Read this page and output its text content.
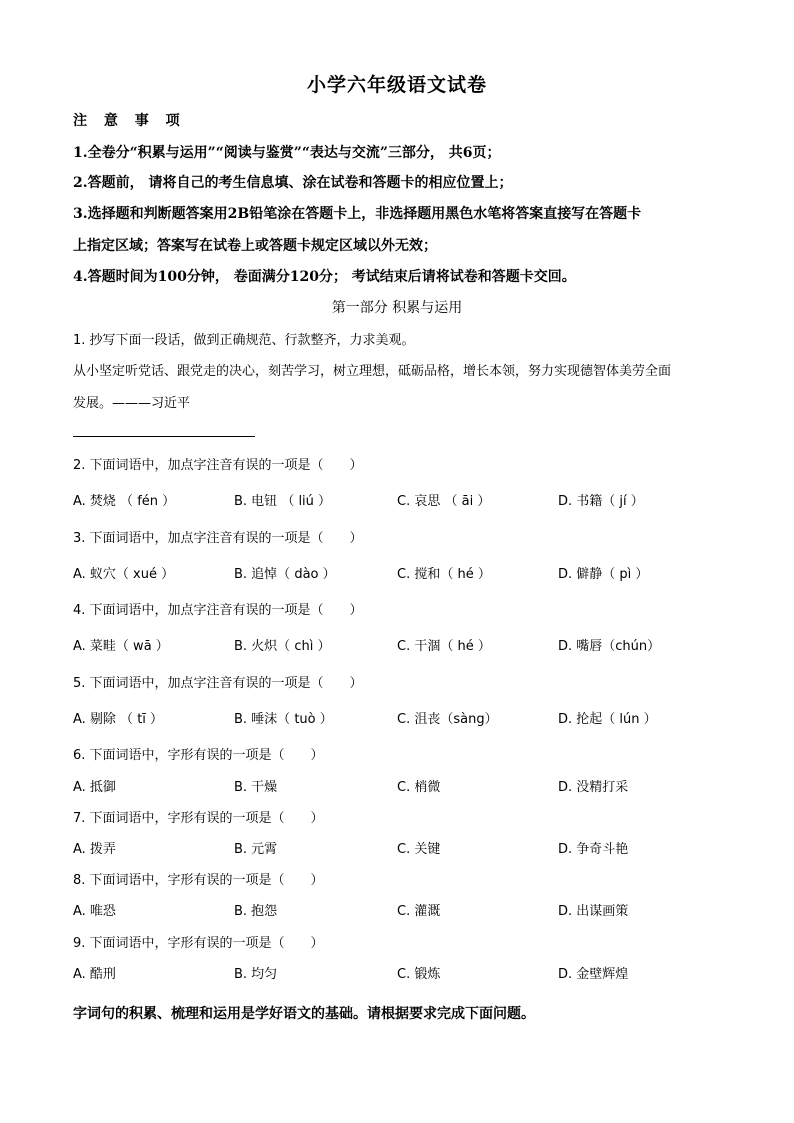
小学六年级语文试卷
注 意 事 项
1.全卷分“积累与运用”“阅读与鉴赏”“表达与交流”三部分， 共6页；
2.答题前， 请将自己的考生信息填、涂在试卷和答题卡的相应位置上；
3.选择题和判断题答案用2B铅笔涂在答题卡上，非选择题用黑色水笔将答案直接写在答题卡
上指定区域；答案写在试卷上或答题卡规定区域以外无效；
4.答题时间为100分钟， 卷面满分120分； 考试结束后请将试卷和答题卡交回。
第一部分 积累与运用
1. 抄写下面一段话，做到正确规范、行款整齐，力求美观。
从小坚定听党话、跟党走的决心，刻苦学习，树立理想，砥砺品格，增长本领，努力实现德智体美劳全面
发展。———习近平
2. 下面词语中，加点字注音有误的一项是（　　）
A. 焚烧 （ fén ）	B. 电钮 （ liú ）	C. 哀思 （ āi ）	D. 书籍（ jí ）
3. 下面词语中，加点字注音有误的一项是（　　）
A. 蚁穴（ xué ）	B. 追悼（ dào ）	C. 搅和（ hé ）	D. 僻静（ pì ）
4. 下面词语中，加点字注音有误的一项是（　　）
A. 菜畦（ wā ）	B. 火炽（ chì ）	C. 干涸（ hé ）	D. 嘴唇（chún）
5. 下面词语中，加点字注音有误的一项是（　　）
A. 剔除 （ tī ）	B. 唾沫（ tuò ）	C. 沮丧（sàng）	D. 抡起（ lún ）
6. 下面词语中，字形有误的一项是（　　）
A. 抵御	B. 干燥	C. 梢微	D. 没精打采
7. 下面词语中，字形有误的一项是（　　）
A. 拨弄	B. 元霄	C. 关键	D. 争奇斗艳
8. 下面词语中，字形有误的一项是（　　）
A. 唯恐	B. 抱怨	C. 灌溉	D. 出谋画策
9. 下面词语中，字形有误的一项是（　　）
A. 酷刑	B. 均匀	C. 锻炼	D. 金壁辉煌
字词句的积累、梳理和运用是学好语文的基础。请根据要求完成下面问题。
